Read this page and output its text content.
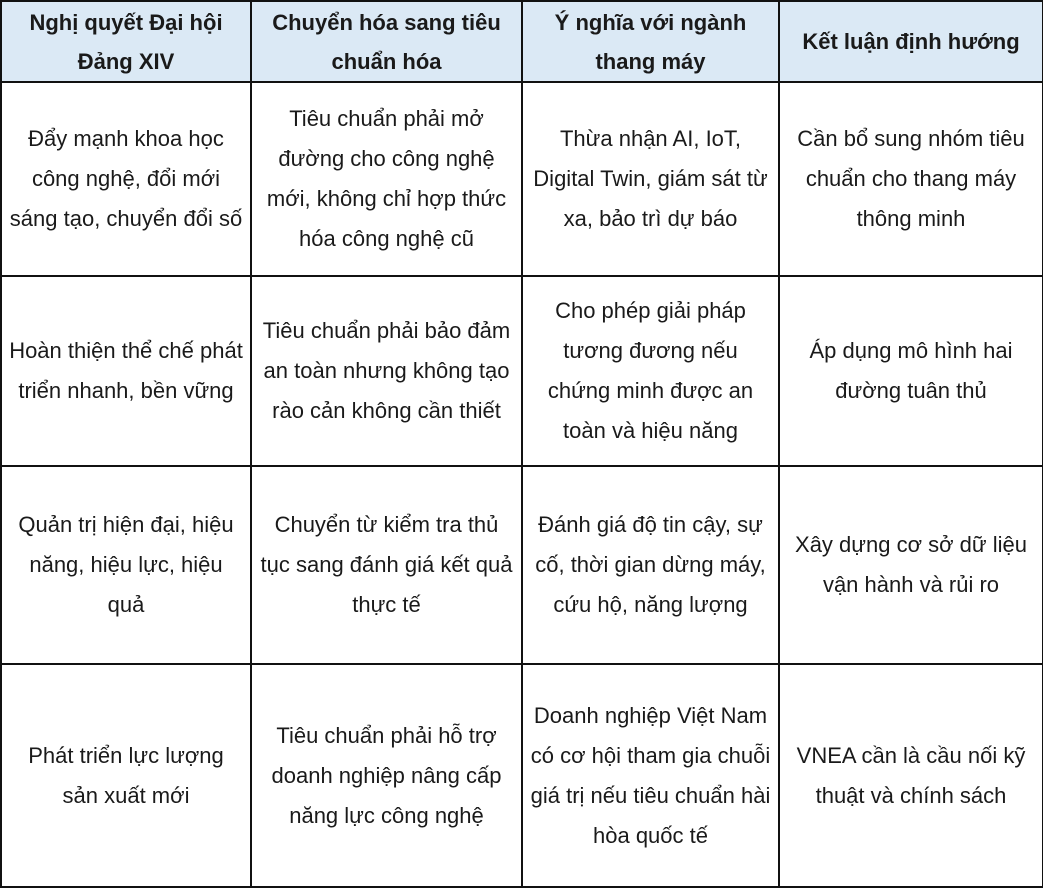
Nghị quyết Đại hội Đảng XIV	Chuyển hóa sang tiêu chuẩn hóa	Ý nghĩa với ngành thang máy	Kết luận định hướng
Đẩy mạnh khoa học công nghệ, đổi mới sáng tạo, chuyển đổi số	Tiêu chuẩn phải mở đường cho công nghệ mới, không chỉ hợp thức hóa công nghệ cũ	Thừa nhận AI, IoT, Digital Twin, giám sát từ xa, bảo trì dự báo	Cần bổ sung nhóm tiêu chuẩn cho thang máy thông minh
Hoàn thiện thể chế phát triển nhanh, bền vững	Tiêu chuẩn phải bảo đảm an toàn nhưng không tạo rào cản không cần thiết	Cho phép giải pháp tương đương nếu chứng minh được an toàn và hiệu năng	Áp dụng mô hình hai đường tuân thủ
Quản trị hiện đại, hiệu năng, hiệu lực, hiệu quả	Chuyển từ kiểm tra thủ tục sang đánh giá kết quả thực tế	Đánh giá độ tin cậy, sự cố, thời gian dừng máy, cứu hộ, năng lượng	Xây dựng cơ sở dữ liệu vận hành và rủi ro
Phát triển lực lượng sản xuất mới	Tiêu chuẩn phải hỗ trợ doanh nghiệp nâng cấp năng lực công nghệ	Doanh nghiệp Việt Nam có cơ hội tham gia chuỗi giá trị nếu tiêu chuẩn hài hòa quốc tế	VNEA cần là cầu nối kỹ thuật và chính sách
